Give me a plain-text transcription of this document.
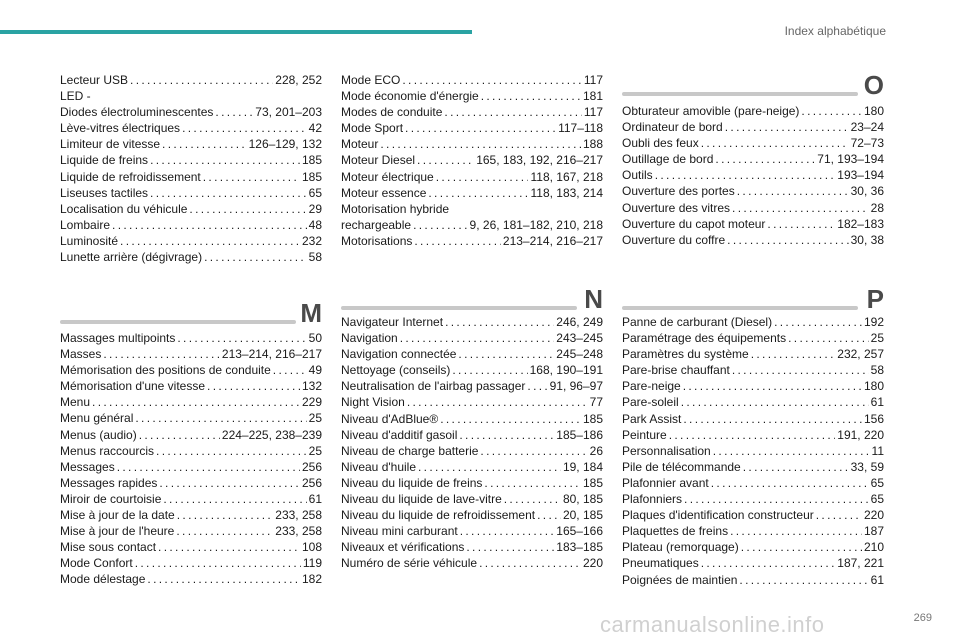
Index alphabétique
Lecteur USB . . .	228, 252
LED -
Diodes électroluminescentes . . .	73, 201–203
Lève-vitres électriques . . .	42
Limiteur de vitesse . . .	126–129, 132
Liquide de freins . . .	185
Liquide de refroidissement . . .	185
Liseuses tactiles . . .	65
Localisation du véhicule . . .	29
Lombaire . . .	48
Luminosité . . .	232
Lunette arrière (dégivrage) . . .	58
M
Massages multipoints . . .	50
Masses . . .	213–214, 216–217
Mémorisation des positions de conduite . . .	49
Mémorisation d'une vitesse . . .	132
Menu . . .	229
Menu général . . .	25
Menus (audio) . . .	224–225, 238–239
Menus raccourcis . . .	25
Messages . . .	256
Messages rapides . . .	256
Miroir de courtoisie . . .	61
Mise à jour de la date . . .	233, 258
Mise à jour de l'heure . . .	233, 258
Mise sous contact . . .	108
Mode Confort . . .	119
Mode délestage . . .	182
Mode ECO . . .	117
Mode économie d'énergie . . .	181
Modes de conduite . . .	117
Mode Sport . . .	117–118
Moteur . . .	188
Moteur Diesel . . .	165, 183, 192, 216–217
Moteur électrique . . .	118, 167, 218
Moteur essence . . .	118, 183, 214
Motorisation hybride
rechargeable . . .	9, 26, 181–182, 210, 218
Motorisations . . .	213–214, 216–217
N
Navigateur Internet . . .	246, 249
Navigation . . .	243–245
Navigation connectée . . .	245–248
Nettoyage (conseils) . . .	168, 190–191
Neutralisation de l'airbag passager . . . 91, 96–97
Night Vision . . .	77
Niveau d'AdBlue® . . .	185
Niveau d'additif gasoil . . .	185–186
Niveau de charge batterie . . .	26
Niveau d'huile . . .	19, 184
Niveau du liquide de freins . . .	185
Niveau du liquide de lave-vitre . . .	80, 185
Niveau du liquide de refroidissement . . . 20, 185
Niveau mini carburant . . .	165–166
Niveaux et vérifications . . .	183–185
Numéro de série véhicule . . .	220
O
Obturateur amovible (pare-neige) . . .	180
Ordinateur de bord . . .	23–24
Oubli des feux . . .	72–73
Outillage de bord . . .	71, 193–194
Outils . . .	193–194
Ouverture des portes . . .	30, 36
Ouverture des vitres . . .	28
Ouverture du capot moteur . . .	182–183
Ouverture du coffre . . .	30, 38
P
Panne de carburant (Diesel) . . .	192
Paramétrage des équipements . . .	25
Paramètres du système . . .	232, 257
Pare-brise chauffant . . .	58
Pare-neige . . .	180
Pare-soleil . . .	61
Park Assist . . .	156
Peinture . . .	191, 220
Personnalisation . . .	11
Pile de télécommande . . .	33, 59
Plafonnier avant . . .	65
Plafonniers . . .	65
Plaques d'identification constructeur . . .	220
Plaquettes de freins . . .	187
Plateau (remorquage) . . .	210
Pneumatiques . . .	187, 221
Poignées de maintien . . .	61
carmanualsonline.info	269
